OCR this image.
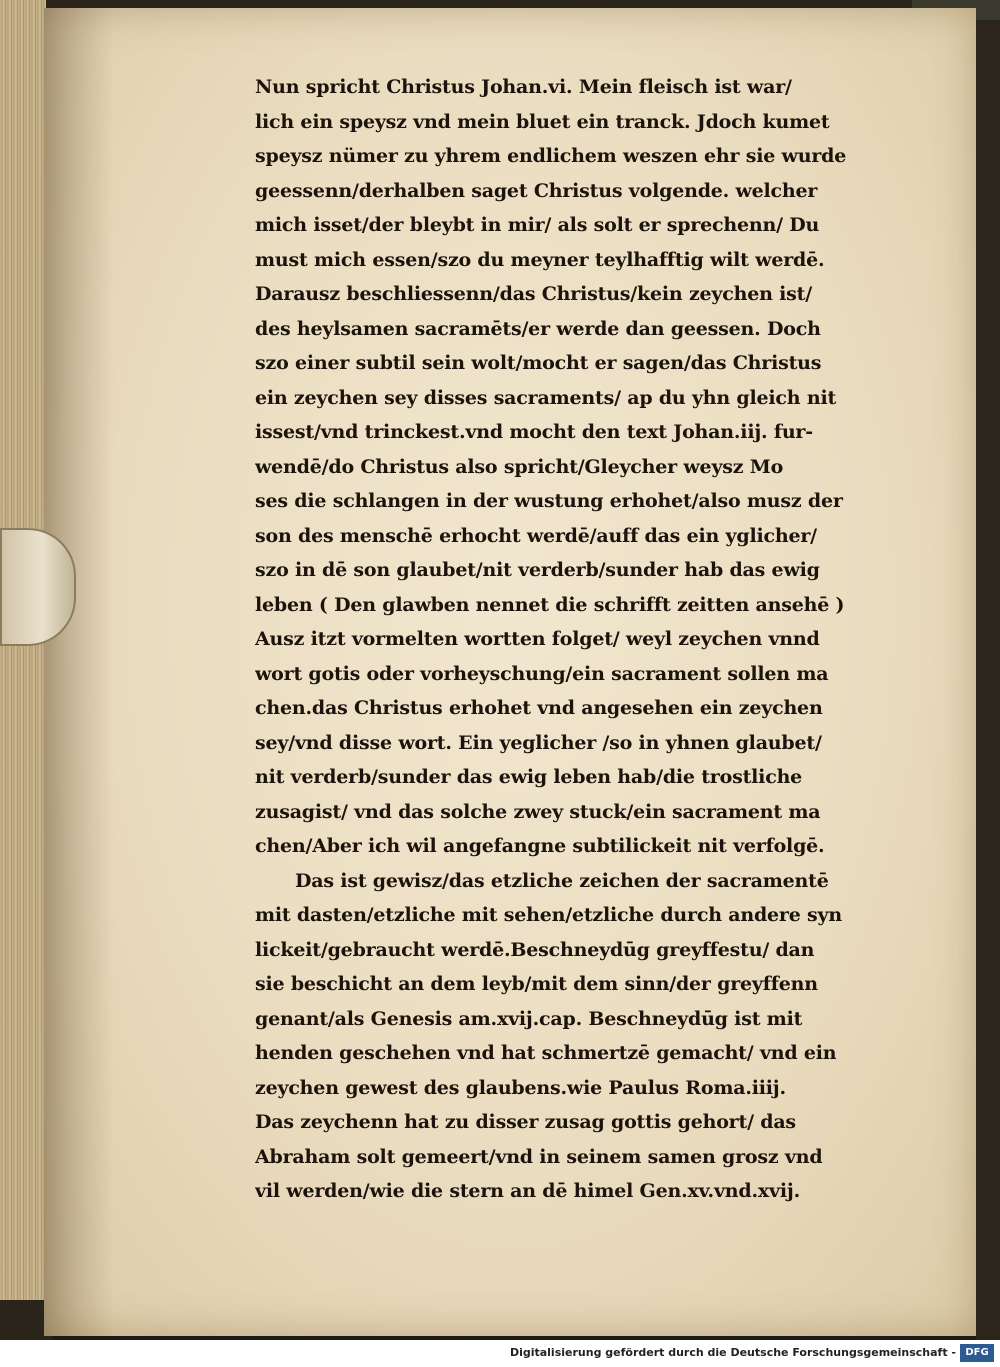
Nun spricht Christus Johan.vi. Mein fleisch ist war/
lich ein speysz vnd mein bluet ein tranck. Jdoch kumet
speysz nümer zu yhrem endlichem weszen ehr sie wurde
geessenn/derhalben saget Christus volgende. welcher
mich isset/der bleybt in mir/ als solt er sprechenn/ Du
must mich essen/szo du meyner teylhafftig wilt werdē.
Darausz beschliessenn/das Christus/kein zeychen ist/
des heylsamen sacramēts/er werde dan geessen. Doch
szo einer subtil sein wolt/mocht er sagen/das Christus
ein zeychen sey disses sacraments/ ap du yhn gleich nit
issest/vnd trinckest.vnd mocht den text Johan.iij. fur-
wendē/do Christus also spricht/Gleycher weysz Mo
ses die schlangen in der wustung erhohet/also musz der
son des menschē erhocht werdē/auff das ein yglicher/
szo in dē son glaubet/nit verderb/sunder hab das ewig
leben ( Den glawben nennet die schrifft zeitten ansehē )
Ausz itzt vormelten wortten folget/ weyl zeychen vnnd
wort gotis oder vorheyschung/ein sacrament sollen ma
chen.das Christus erhohet vnd angesehen ein zeychen
sey/vnd disse wort. Ein yeglicher /so in yhnen glaubet/
nit verderb/sunder das ewig leben hab/die trostliche
zusagist/ vnd das solche zwey stuck/ein sacrament ma
chen/Aber ich wil angefangne subtilickeit nit verfolgē.
Das ist gewisz/das etzliche zeichen der sacramentē
mit dasten/etzliche mit sehen/etzliche durch andere syn
lickeit/gebraucht werdē.Beschneydūg greyffestu/ dan
sie beschicht an dem leyb/mit dem sinn/der greyffenn
genant/als Genesis am.xvij.cap. Beschneydūg ist mit
henden geschehen vnd hat schmertzē gemacht/ vnd ein
zeychen gewest des glaubens.wie Paulus Roma.iiij.
Das zeychenn hat zu disser zusag gottis gehort/ das
Abraham solt gemeert/vnd in seinem samen grosz vnd
vil werden/wie die stern an dē himel Gen.xv.vnd.xvij.
Digitalisierung gefördert durch die Deutsche Forschungsgemeinschaft - DFG
